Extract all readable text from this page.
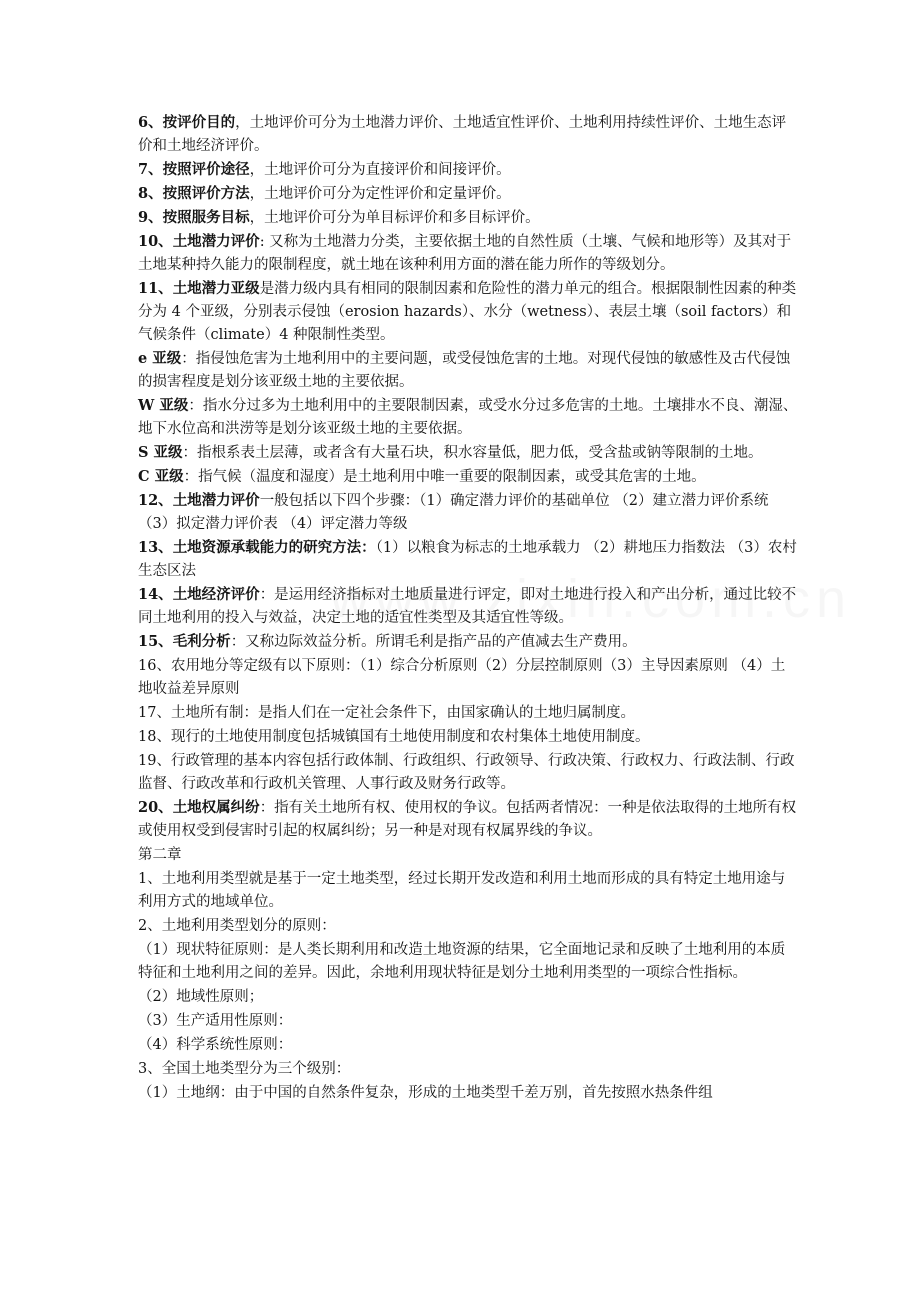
6、按评价目的，土地评价可分为土地潜力评价、土地适宜性评价、土地利用持续性评价、土地生态评价和土地经济评价。
7、按照评价途径，土地评价可分为直接评价和间接评价。
8、按照评价方法，土地评价可分为定性评价和定量评价。
9、按照服务目标，土地评价可分为单目标评价和多目标评价。
10、土地潜力评价: 又称为土地潜力分类，主要依据土地的自然性质（土壤、气候和地形等）及其对于土地某种持久能力的限制程度，就土地在该种利用方面的潜在能力所作的等级划分。
11、土地潜力亚级是潜力级内具有相同的限制因素和危险性的潜力单元的组合。根据限制性因素的种类分为 4 个亚级，分别表示侵蚀（erosion hazards）、水分（wetness）、表层土壤（soil factors）和气候条件（climate）4 种限制性类型。
e 亚级：指侵蚀危害为土地利用中的主要问题，或受侵蚀危害的土地。对现代侵蚀的敏感性及古代侵蚀的损害程度是划分该亚级土地的主要依据。
W 亚级：指水分过多为土地利用中的主要限制因素，或受水分过多危害的土地。土壤排水不良、潮湿、地下水位高和洪涝等是划分该亚级土地的主要依据。
S 亚级：指根系表土层薄，或者含有大量石块，积水容量低，肥力低，受含盐或钠等限制的土地。
C 亚级：指气候（温度和湿度）是土地利用中唯一重要的限制因素，或受其危害的土地。
12、土地潜力评价一般包括以下四个步骤：（1）确定潜力评价的基础单位 （2）建立潜力评价系统 （3）拟定潜力评价表 （4）评定潜力等级
13、土地资源承载能力的研究方法：（1）以粮食为标志的土地承载力 （2）耕地压力指数法 （3）农村生态区法
14、土地经济评价：是运用经济指标对土地质量进行评定，即对土地进行投入和产出分析，通过比较不同土地利用的投入与效益，决定土地的适宜性类型及其适宜性等级。
15、毛利分析：又称边际效益分析。所谓毛利是指产品的产值减去生产费用。
16、农用地分等定级有以下原则：（1）综合分析原则（2）分层控制原则（3）主导因素原则 （4）土地收益差异原则
17、土地所有制：是指人们在一定社会条件下，由国家确认的土地归属制度。
18、现行的土地使用制度包括城镇国有土地使用制度和农村集体土地使用制度。
19、行政管理的基本内容包括行政体制、行政组织、行政领导、行政决策、行政权力、行政法制、行政监督、行政改革和行政机关管理、人事行政及财务行政等。
20、土地权属纠纷：指有关土地所有权、使用权的争议。包括两者情况：一种是依法取得的土地所有权或使用权受到侵害时引起的权属纠纷；另一种是对现有权属界线的争议。
第二章
1、土地利用类型就是基于一定土地类型，经过长期开发改造和利用土地而形成的具有特定土地用途与利用方式的地域单位。
2、土地利用类型划分的原则：
（1）现状特征原则：是人类长期利用和改造土地资源的结果，它全面地记录和反映了土地利用的本质特征和土地利用之间的差异。因此，余地利用现状特征是划分土地利用类型的一项综合性指标。
（2）地域性原则；
（3）生产适用性原则：
（4）科学系统性原则：
3、全国土地类型分为三个级别：
（1）土地纲：由于中国的自然条件复杂，形成的土地类型千差万别，首先按照水热条件组
